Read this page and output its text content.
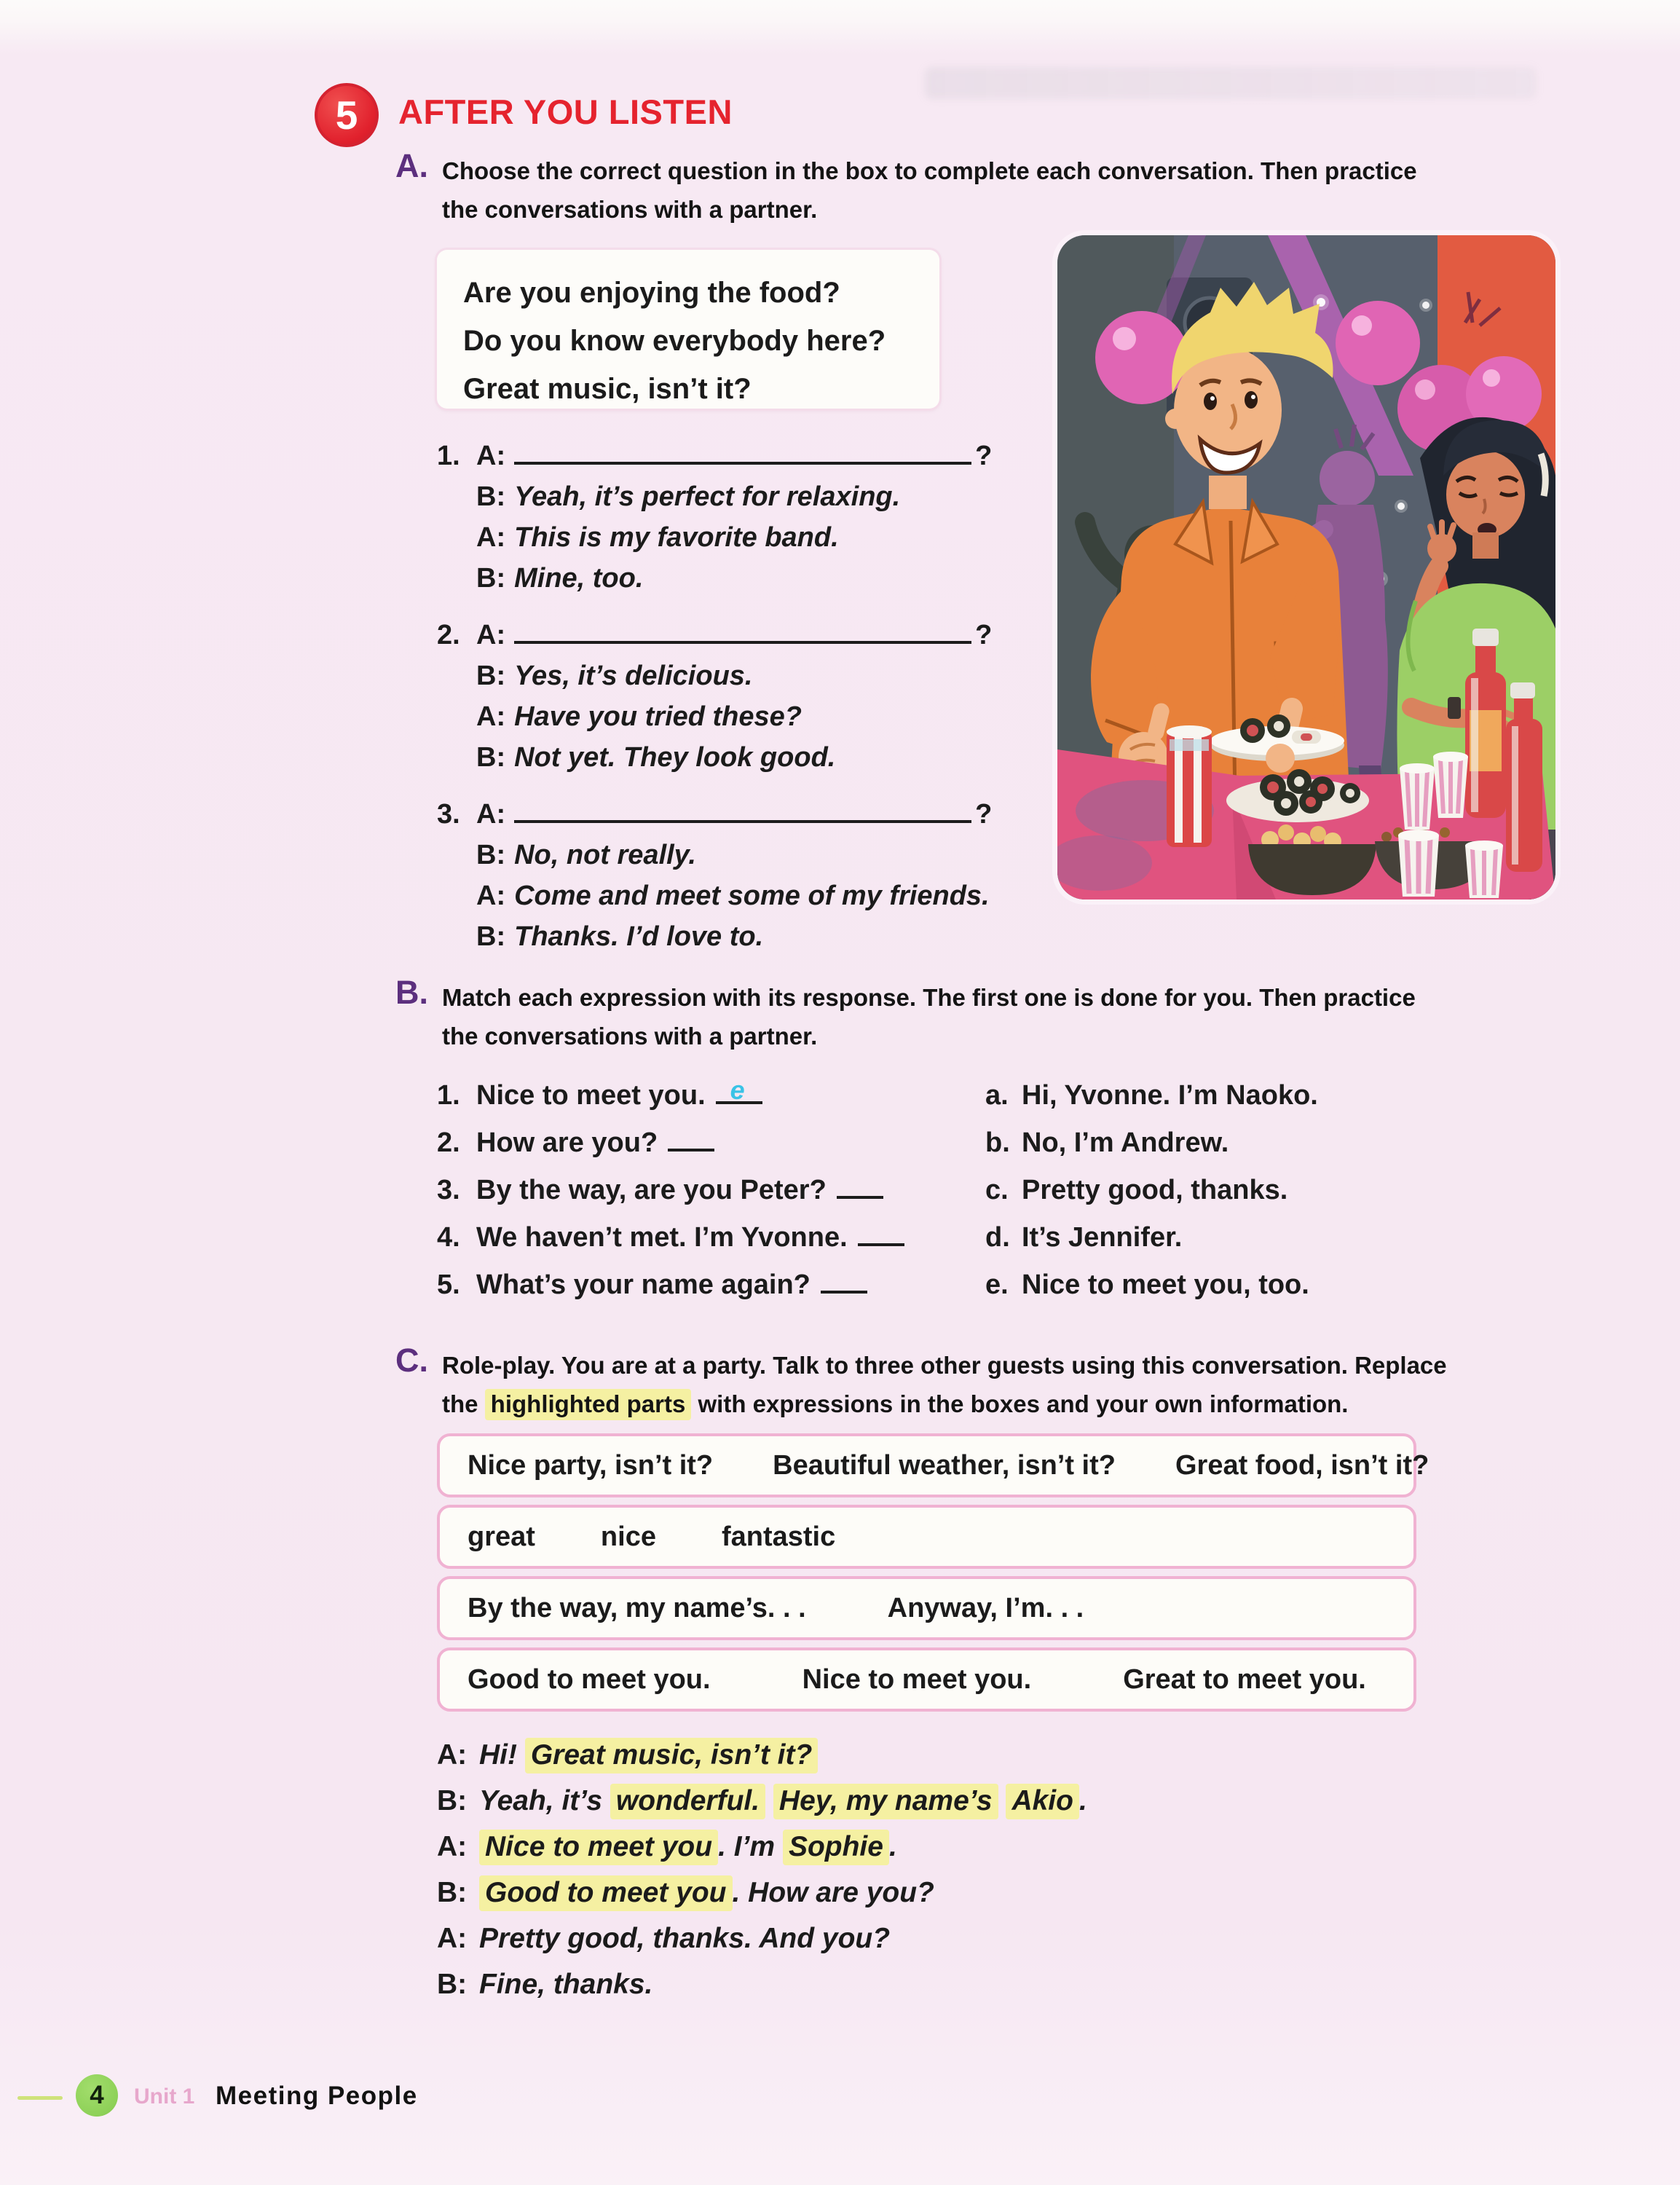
5 AFTER YOU LISTEN
A. Choose the correct question in the box to complete each conversation. Then practice
the conversations with a partner.
Are you enjoying the food?
Do you know everybody here?
Great music, isn’t it?
1. A:	?
B: Yeah, it’s perfect for relaxing.
A: This is my favorite band.
B: Mine, too.
2. A:	?
B: Yes, it’s delicious.
A: Have you tried these?
B: Not yet. They look good.
3. A:	?
B: No, not really.
A: Come and meet some of my friends.
B: Thanks. I’d love to.
B. Match each expression with its response. The first one is done for you. Then practice
the conversations with a partner.
1. Nice to meet you. e
2. How are you?
3. By the way, are you Peter?
4. We haven’t met. I’m Yvonne.
5. What’s your name again?
a. Hi, Yvonne. I’m Naoko.
b. No, I’m Andrew.
c. Pretty good, thanks.
d. It’s Jennifer.
e. Nice to meet you, too.
C. Role-play. You are at a party. Talk to three other guests using this conversation. Replace
the highlighted parts with expressions in the boxes and your own information.
Nice party, isn’t it? Beautiful weather, isn’t it? Great food, isn’t it?
great nice fantastic
By the way, my name’s. . .	Anyway, I’m. . .
Good to meet you.	Nice to meet you.	Great to meet you.
A: Hi! Great music, isn’t it?
B: Yeah, it’s wonderful. Hey, my name’s Akio .
A: Nice to meet you . I’m Sophie .
B: Good to meet you . How are you?
A: Pretty good, thanks. And you?
B: Fine, thanks.
4 Unit 1 Meeting People
